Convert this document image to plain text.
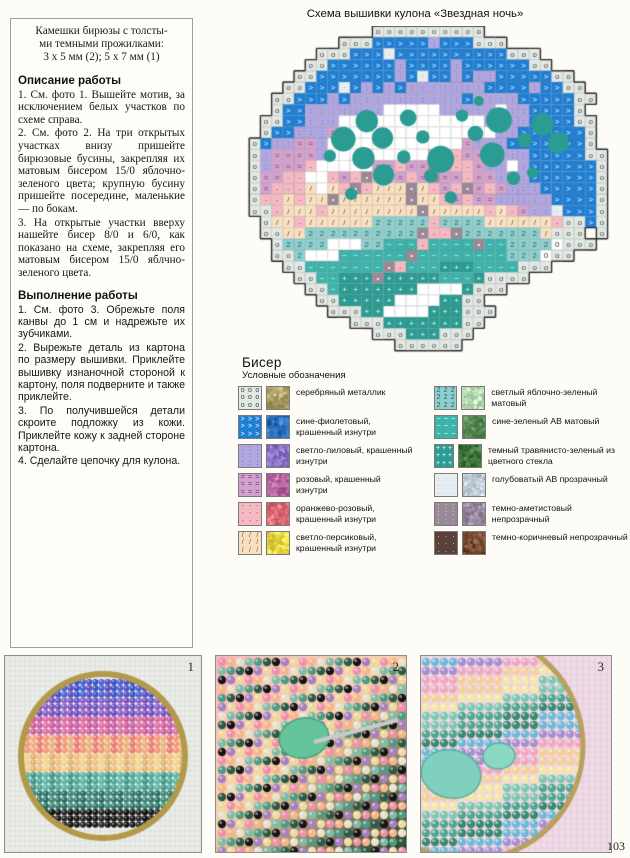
Камешки бирюзы с толсты-
ми темными прожилками:
3 х 5 мм (2); 5 х 7 мм (1)
Описание работы

1. См. фото 1. Вышейте мотив, за исключением белых участков по схеме справа.

2. См. фото 2. На три открытых участках внизу пришейте бирюзовые бусины, закрепляя их матовым бисером 15/0 яблочно-зеленого цвета; крупную бусину пришейте посередине, маленькие — по бокам.

3. На открытые участки вверху нашейте бисер 8/0 и 6/0, как показано на схеме, закрепляя его матовым бисером 15/0 яблчно-зеленого цвета.

Выполнение работы

1. См. фото 3. Обрежьте поля канвы до 1 см и надрежьте их зубчиками.

2. Вырежьте деталь из картона по размеру вышивки. Приклейте вышивку изнаночной стороной к картону, поля подверните и также приклейте.

3. По получившейся детали скроите подложку из кожи. Приклейте кожу к задней стороне картона.

4. Сделайте цепочку для кулона.

Схема вышивки кулона «Звездная ночь»
Бисер
Условные обозначения
o o o
o o o
o o o
серебряный металлик
> > >
> > >
> > >
сине-фиолетовый, крашенный изнутри
: : :
: : :
: : :
светло-лиловый, крашенный изнутри
= = =
= = =
= = =
розовый, крашенный изнутри
- - -
- - -
- - -
оранжево-розовый, крашенный изнутри
/ / /
/ / /
/ / /
светло-персиковый, крашенный изнутри
2 2 2
2 2 2
2 2 2
светлый яблочно-зеленый матовый
~ ~ ~
~ ~ ~
~ ~ ~
сине-зеленый АВ матовый
+ + +
+ + +
+ + +
темный травянисто-зеленый из цветного стекла
. . .
. . .
. . .
голубоватый АВ прозрачный
: : :
: : :
: : :
темно-аметистовый непрозрачный
. . .
. . .
. . .
темно-коричневый непрозрачный
1	2	3
103
